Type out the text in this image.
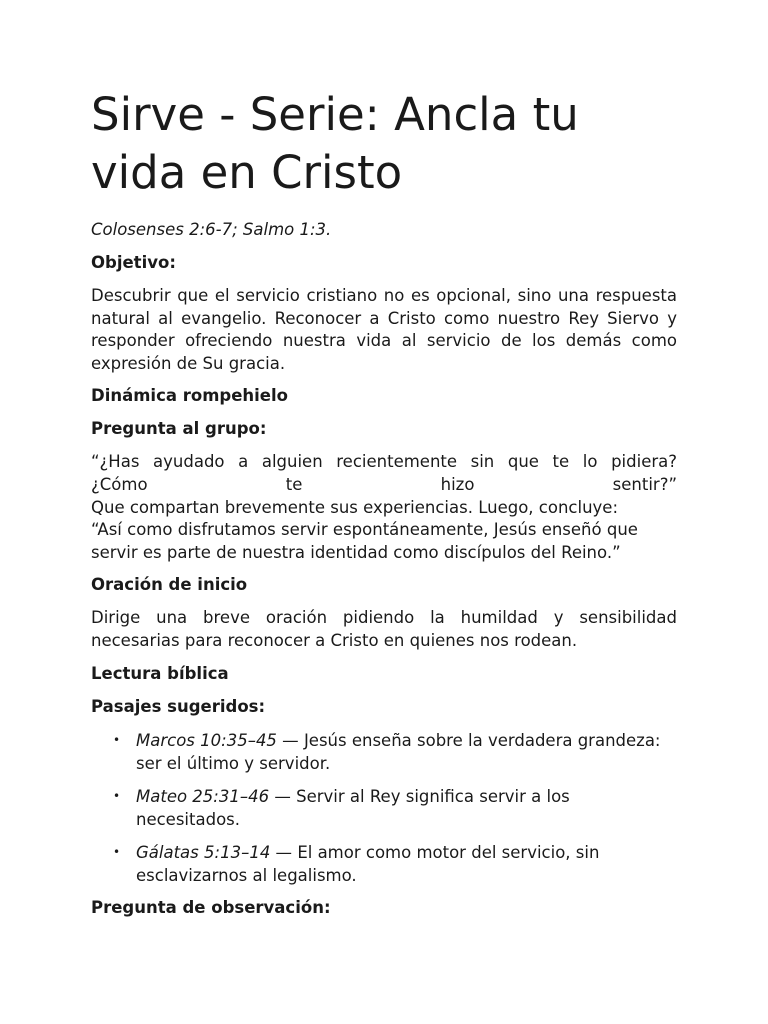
Sirve - Serie: Ancla tu vida en Cristo
Colosenses 2:6-7; Salmo 1:3.
Objetivo:

Descubrir que el servicio cristiano no es opcional, sino una respuesta natural al evangelio. Reconocer a Cristo como nuestro Rey Siervo y responder ofreciendo nuestra vida al servicio de los demás como expresión de Su gracia.

Dinámica rompehielo
Pregunta al grupo:

“¿Has ayudado a alguien recientemente sin que te lo pidiera?
¿Cómo te hizo sentir?”
Que compartan brevemente sus experiencias. Luego, concluye:
“Así como disfrutamos servir espontáneamente, Jesús enseñó que servir es parte de nuestra identidad como discípulos del Reino.”

Oración de inicio

Dirige una breve oración pidiendo la humildad y sensibilidad necesarias para reconocer a Cristo en quienes nos rodean.

Lectura bíblica
Pasajes sugeridos:
• Marcos 10:35–45 — Jesús enseña sobre la verdadera grandeza: ser el último y servidor.
• Mateo 25:31–46 — Servir al Rey significa servir a los necesitados.
• Gálatas 5:13–14 — El amor como motor del servicio, sin esclavizarnos al legalismo.
Pregunta de observación:
